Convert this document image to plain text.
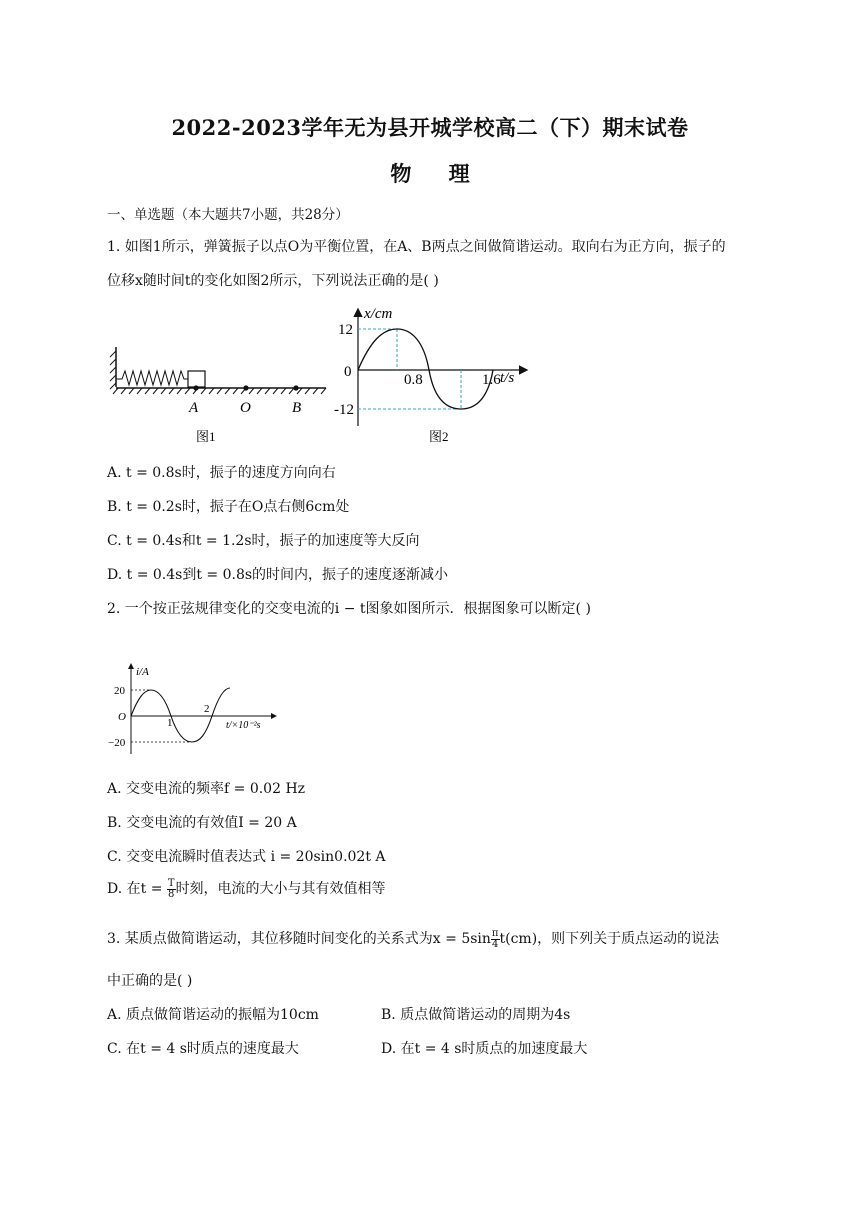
2022-2023学年无为县开城学校高二（下）期末试卷
物 理
一、单选题（本大题共7小题，共28分）
1. 如图1所示，弹簧振子以点O为平衡位置，在A、B两点之间做简谐运动。取向右为正方向，振子的
位移x随时间t的变化如图2所示，下列说法正确的是( )
A	O	B
图1
x/cm
t/s
12
0
-12
0.8	1.6
图2
A. t = 0.8s时，振子的速度方向向右
B. t = 0.2s时，振子在O点右侧6cm处
C. t = 0.4s和t = 1.2s时，振子的加速度等大反向
D. t = 0.4s到t = 0.8s的时间内，振子的速度逐渐减小
2. 一个按正弦规律变化的交变电流的i − t图象如图所示．根据图象可以断定( )
i/A
20
O
−20
1
2
t/×10⁻²s
A. 交变电流的频率f = 0.02 Hz
B. 交变电流的有效值I = 20 A
C. 交变电流瞬时值表达式 i = 20sin0.02t A
D. 在$t = \frac{T}{8}$ 时刻，电流的大小与其有效值相等
3. 某质点做简谐运动，其位移随时间变化的关系式为$x = 5\sin \frac{\pi}{4} t(cm)$，则下列关于质点运动的说法
中正确的是( )
A. 质点做简谐运动的振幅为10cm	B. 质点做简谐运动的周期为4s
C. 在t = 4 s时质点的速度最大	D. 在t = 4 s时质点的加速度最大
